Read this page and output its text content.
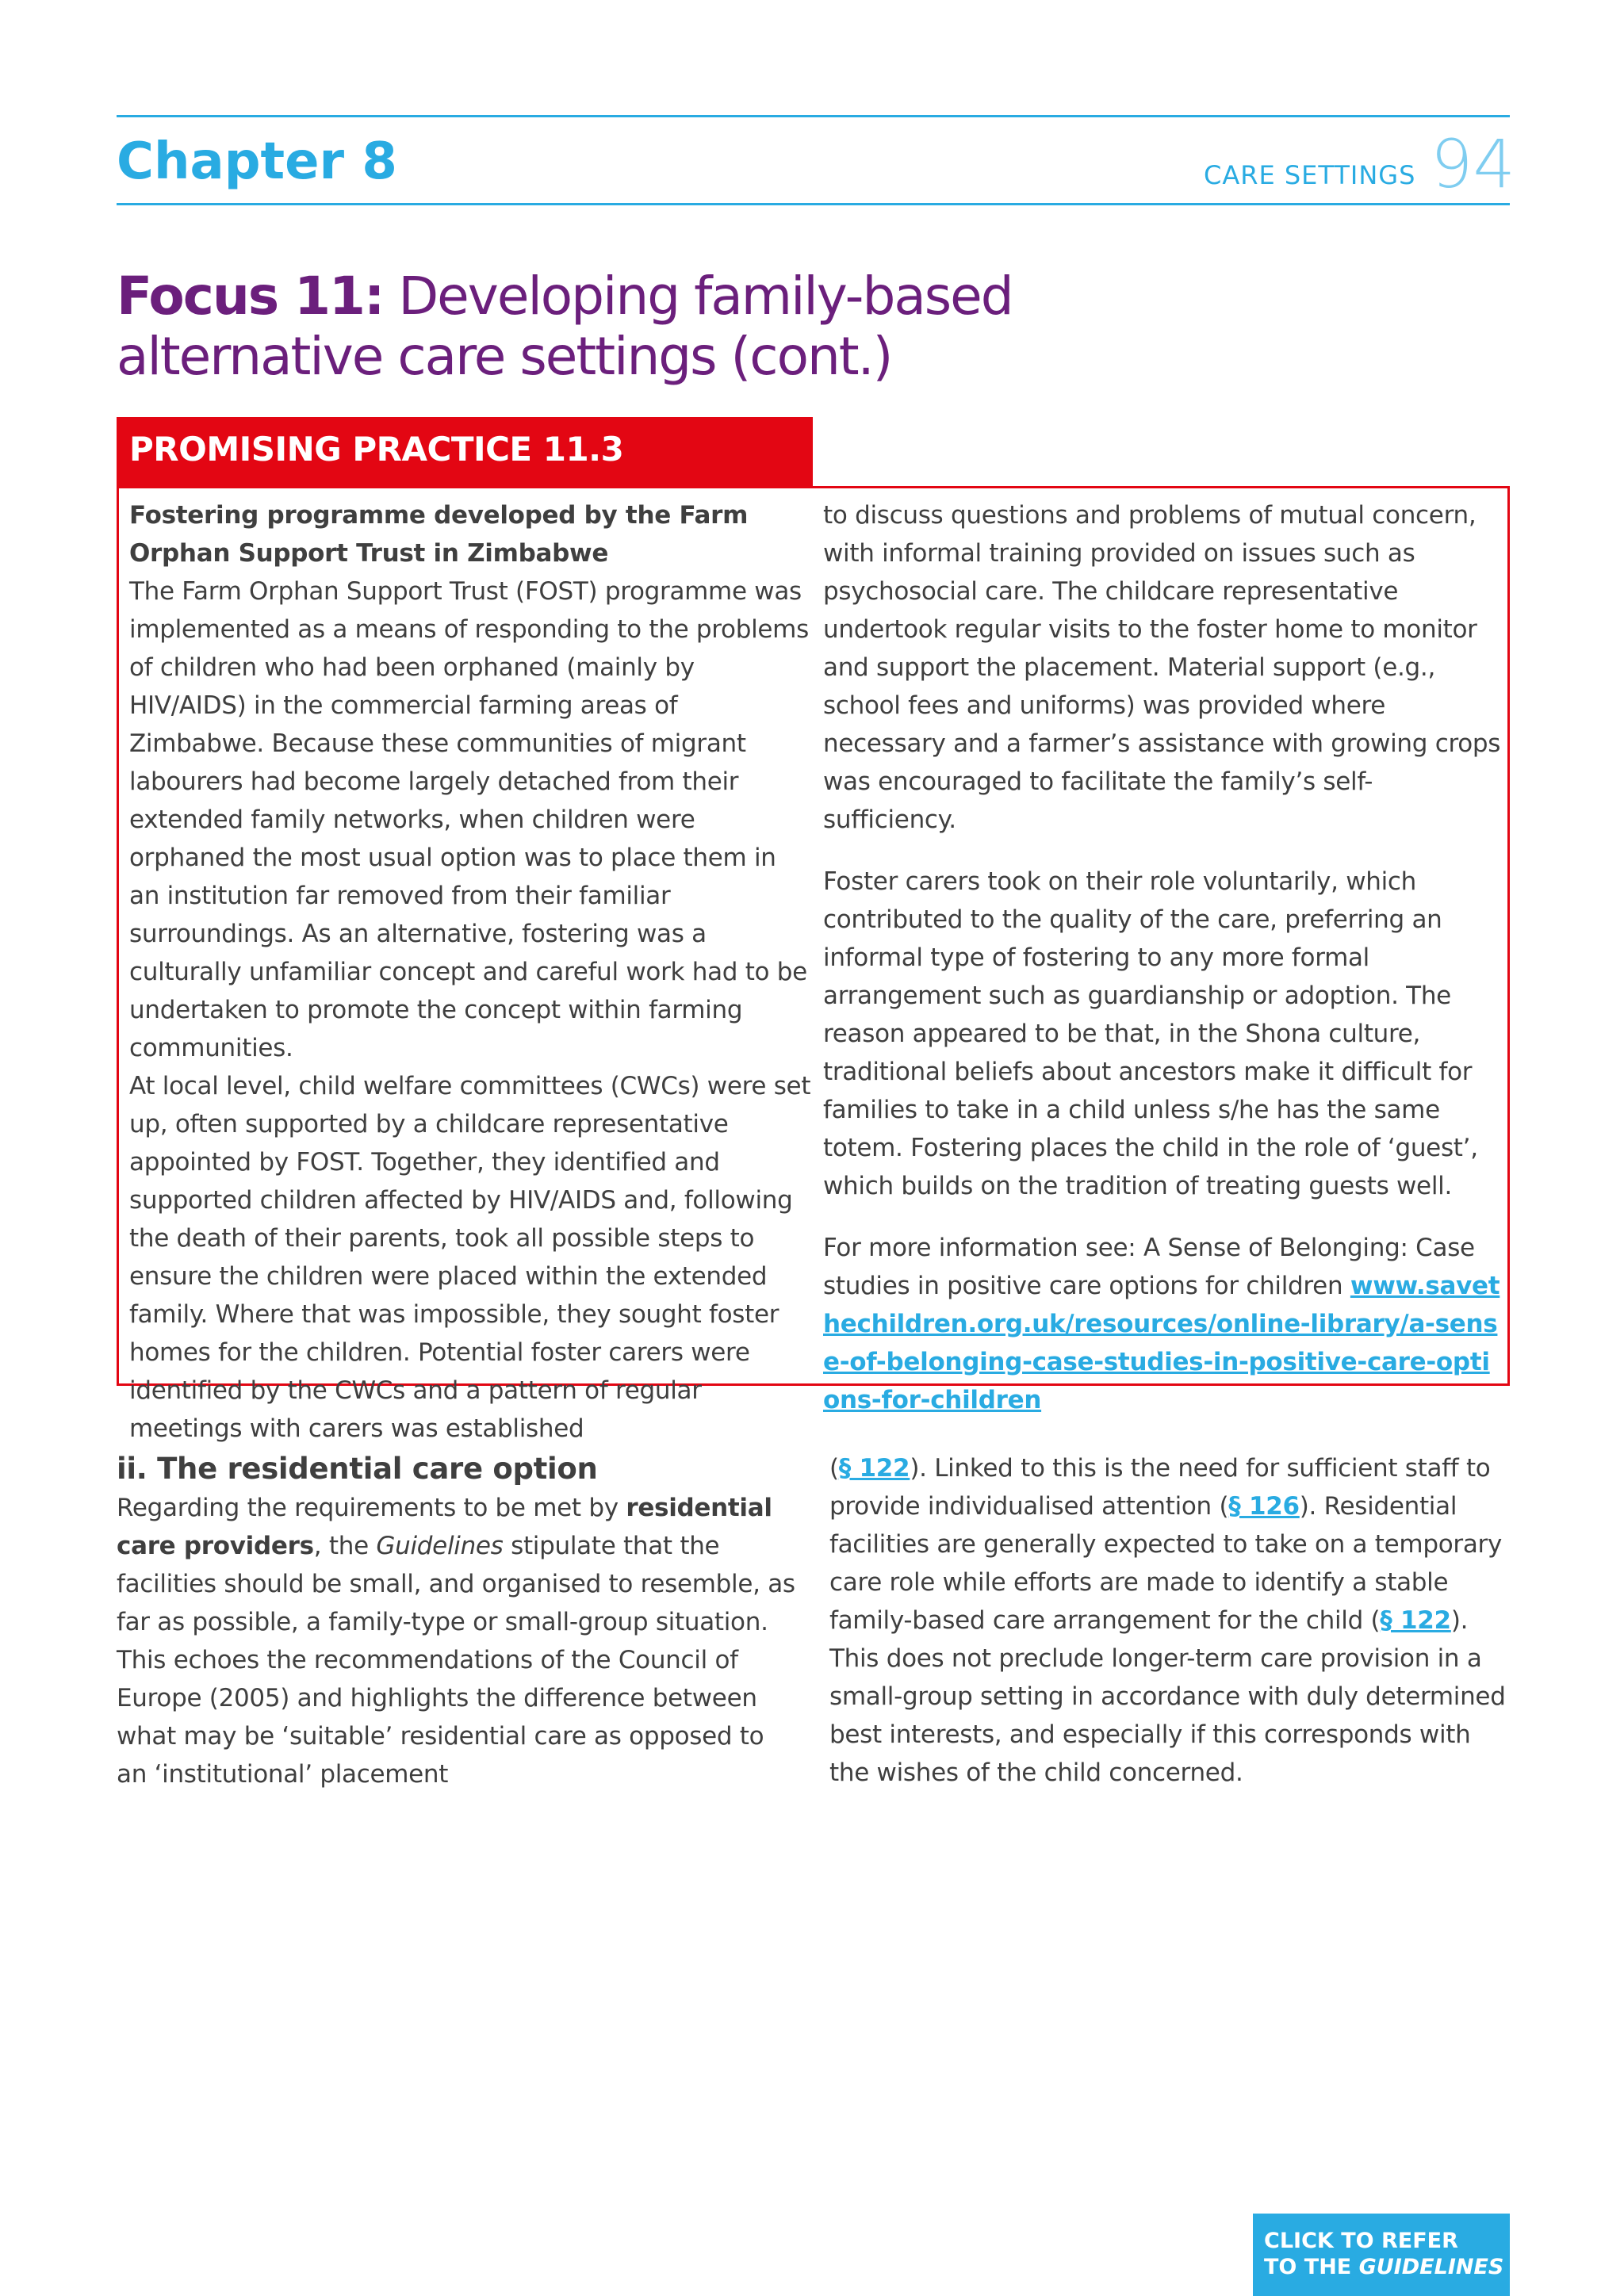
Chapter 8	CARE SETTINGS 94
Focus 11: Developing family-based alternative care settings (cont.)
PROMISING PRACTICE 11.3

Fostering programme developed by the Farm Orphan Support Trust in Zimbabwe

The Farm Orphan Support Trust (FOST) programme was implemented as a means of responding to the problems of children who had been orphaned (mainly by HIV/AIDS) in the commercial farming areas of Zimbabwe. Because these communities of migrant labourers had become largely detached from their extended family networks, when children were orphaned the most usual option was to place them in an institution far removed from their familiar surroundings. As an alternative, fostering was a culturally unfamiliar concept and careful work had to be undertaken to promote the concept within farming communities.

At local level, child welfare committees (CWCs) were set up, often supported by a childcare representative appointed by FOST. Together, they identified and supported children affected by HIV/AIDS and, following the death of their parents, took all possible steps to ensure the children were placed within the extended family. Where that was impossible, they sought foster homes for the children. Potential foster carers were identified by the CWCs and a pattern of regular meetings with carers was established

to discuss questions and problems of mutual concern, with informal training provided on issues such as psychosocial care. The childcare representative undertook regular visits to the foster home to monitor and support the placement. Material support (e.g., school fees and uniforms) was provided where necessary and a farmer’s assistance with growing crops was encouraged to facilitate the family’s self-sufficiency.

Foster carers took on their role voluntarily, which contributed to the quality of the care, preferring an informal type of fostering to any more formal arrangement such as guardianship or adoption. The reason appeared to be that, in the Shona culture, traditional beliefs about ancestors make it difficult for families to take in a child unless s/he has the same totem. Fostering places the child in the role of ‘guest’, which builds on the tradition of treating guests well.

For more information see: A Sense of Belonging: Case studies in positive care options for children www.savethechildren.org.uk/resources/online-library/a-sense-of-belonging-case-studies-in-positive-care-options-for-children

ii. The residential care option

Regarding the requirements to be met by residential care providers, the Guidelines stipulate that the facilities should be small, and organised to resemble, as far as possible, a family-type or small-group situation. This echoes the recommendations of the Council of Europe (2005) and highlights the difference between what may be ‘suitable’ residential care as opposed to an ‘institutional’ placement

(§ 122). Linked to this is the need for sufficient staff to provide individualised attention (§ 126). Residential facilities are generally expected to take on a temporary care role while efforts are made to identify a stable family-based care arrangement for the child (§ 122). This does not preclude longer-term care provision in a small-group setting in accordance with duly determined best interests, and especially if this corresponds with the wishes of the child concerned.

CLICK TO REFER
TO THE GUIDELINES
